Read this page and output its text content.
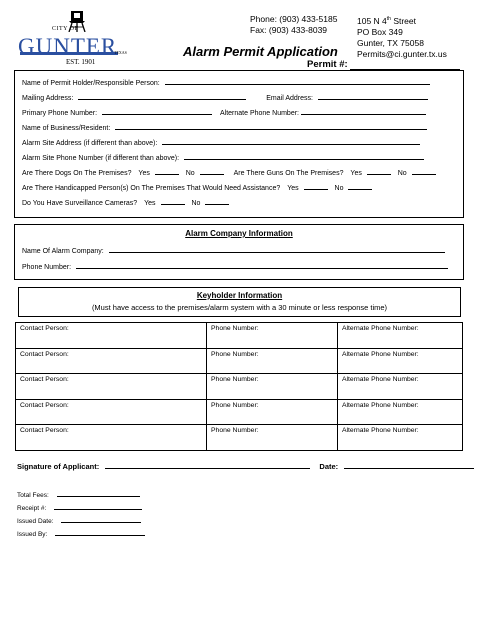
CITY OF
GUNTER
TEXAS
EST. 1901
Phone: (903) 433-5185
Fax: (903) 433-8039
105 N 4th Street
PO Box 349
Gunter, TX 75058
Permits@ci.gunter.tx.us
Alarm Permit Application
Permit #:
Name of Permit Holder/Responsible Person:
Mailing Address:	Email Address:
Primary Phone Number:	Alternate Phone Number:
Name of Business/Resident:
Alarm Site Address (if different than above):
Alarm Site Phone Number (if different than above):
Are There Dogs On The Premises? Yes	No	Are There Guns On The Premises? Yes	No
Are There Handicapped Person(s) On The Premises That Would Need Assistance? Yes	No
Do You Have Surveillance Cameras? Yes	No
Alarm Company Information
Name Of Alarm Company:
Phone Number:
Keyholder Information
(Must have access to the premises/alarm system with a 30 minute or less response time)
Contact Person:	Phone Number:	Alternate Phone Number:
Contact Person:	Phone Number:	Alternate Phone Number:
Contact Person:	Phone Number:	Alternate Phone Number:
Contact Person:	Phone Number:	Alternate Phone Number:
Contact Person:	Phone Number:	Alternate Phone Number:
Signature of Applicant:	Date:
Total Fees:
Receipt #:
Issued Date:
Issued By:
